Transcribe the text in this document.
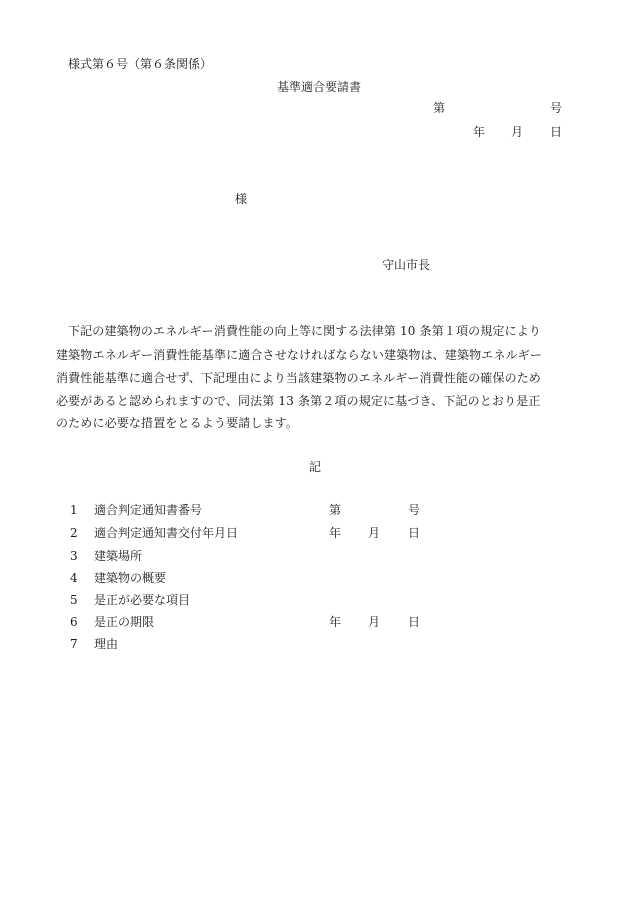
様式第６号（第６条関係）
基準適合要請書
第	号
年 月 日
様
守山市長
下記の建築物のエネルギー消費性能の向上等に関する法律第 10 条第１項の規定により
建築物エネルギー消費性能基準に適合させなければならない建築物は、建築物エネルギー
消費性能基準に適合せず、下記理由により当該建築物のエネルギー消費性能の確保のため
必要があると認められますので、同法第 13 条第２項の規定に基づき、下記のとおり是正
のために必要な措置をとるよう要請します。
記
1 適合判定通知書番号	第	号
2 適合判定通知書交付年月日	年 月 日
3 建築場所
4 建築物の概要
5 是正が必要な項目
6 是正の期限	年 月 日
7 理由
